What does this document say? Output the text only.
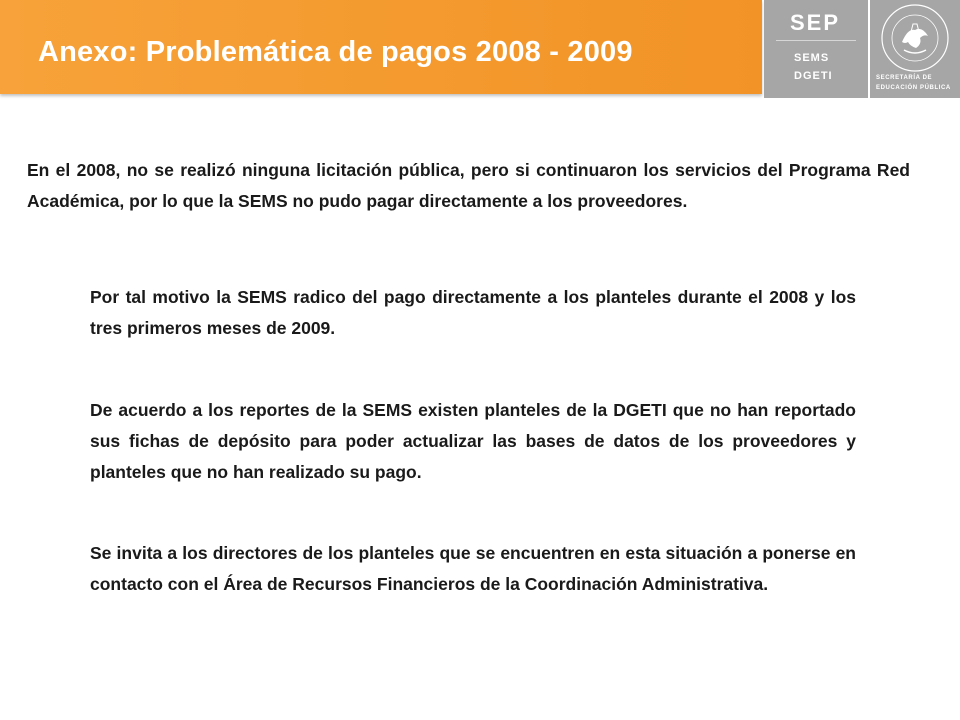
Anexo: Problemática de pagos 2008 - 2009
SEP
SEMS
DGETI	SECRETARÍA DE
EDUCACIÓN PÚBLICA

En el 2008, no se realizó ninguna licitación pública, pero si continuaron los servicios del Programa Red Académica, por lo que la SEMS no pudo pagar directamente a los proveedores.

Por tal motivo la SEMS radico del pago directamente a los planteles durante el 2008 y los tres primeros meses de 2009.

De acuerdo a los reportes de la SEMS existen planteles de la DGETI que no han reportado sus fichas de depósito para poder actualizar las bases de datos de los proveedores y planteles que no han realizado su pago.

Se invita a los directores de los planteles que se encuentren en esta situación a ponerse en contacto con el Área de Recursos Financieros de la Coordinación Administrativa.
